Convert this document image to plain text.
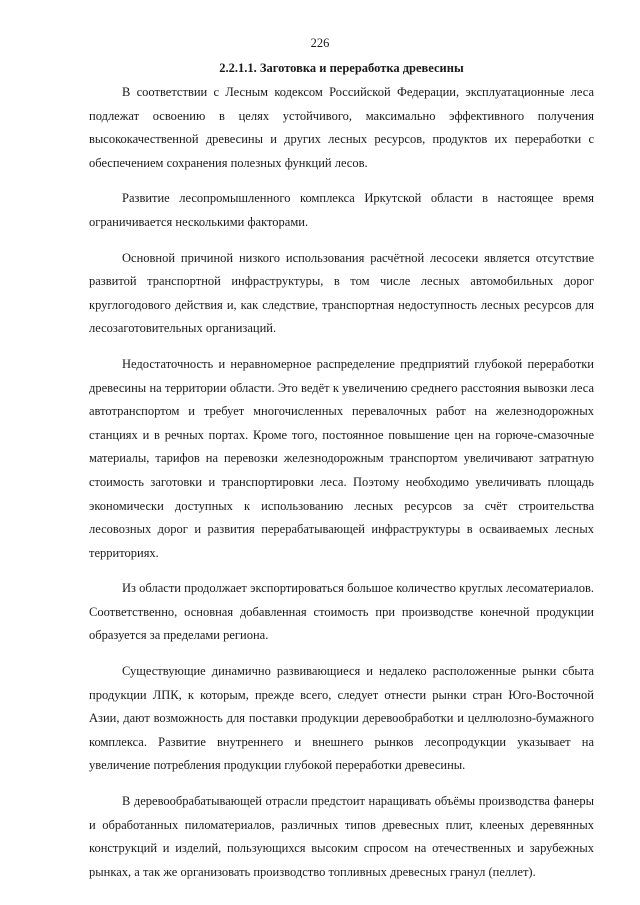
226
2.2.1.1. Заготовка и переработка древесины

В соответствии с Лесным кодексом Российской Федерации, эксплуатационные леса подлежат освоению в целях устойчивого, максимально эффективного получения высококачественной древесины и других лесных ресурсов, продуктов их переработки с обеспечением сохранения полезных функций лесов.

Развитие лесопромышленного комплекса Иркутской области в настоящее время ограничивается несколькими факторами.

Основной причиной низкого использования расчётной лесосеки является отсутствие развитой транспортной инфраструктуры, в том числе лесных автомобильных дорог круглогодового действия и, как следствие, транспортная недоступность лесных ресурсов для лесозаготовительных организаций.

Недостаточность и неравномерное распределение предприятий глубокой переработки древесины на территории области. Это ведёт к увеличению среднего расстояния вывозки леса автотранспортом и требует многочисленных перевалочных работ на железнодорожных станциях и в речных портах. Кроме того, постоянное повышение цен на горюче-смазочные материалы, тарифов на перевозки железнодорожным транспортом увеличивают затратную стоимость заготовки и транспортировки леса. Поэтому необходимо увеличивать площадь экономически доступных к использованию лесных ресурсов за счёт строительства лесовозных дорог и развития перерабатывающей инфраструктуры в осваиваемых лесных территориях.

Из области продолжает экспортироваться большое количество круглых лесоматериалов. Соответственно, основная добавленная стоимость при производстве конечной продукции образуется за пределами региона.

Существующие динамично развивающиеся и недалеко расположенные рынки сбыта продукции ЛПК, к которым, прежде всего, следует отнести рынки стран Юго-Восточной Азии, дают возможность для поставки продукции деревообработки и целлюлозно-бумажного комплекса. Развитие внутреннего и внешнего рынков лесопродукции указывает на увеличение потребления продукции глубокой переработки древесины.

В деревообрабатывающей отрасли предстоит наращивать объёмы производства фанеры и обработанных пиломатериалов, различных типов древесных плит, клееных деревянных конструкций и изделий, пользующихся высоким спросом на отечественных и зарубежных рынках, а так же организовать производство топливных древесных гранул (пеллет).
